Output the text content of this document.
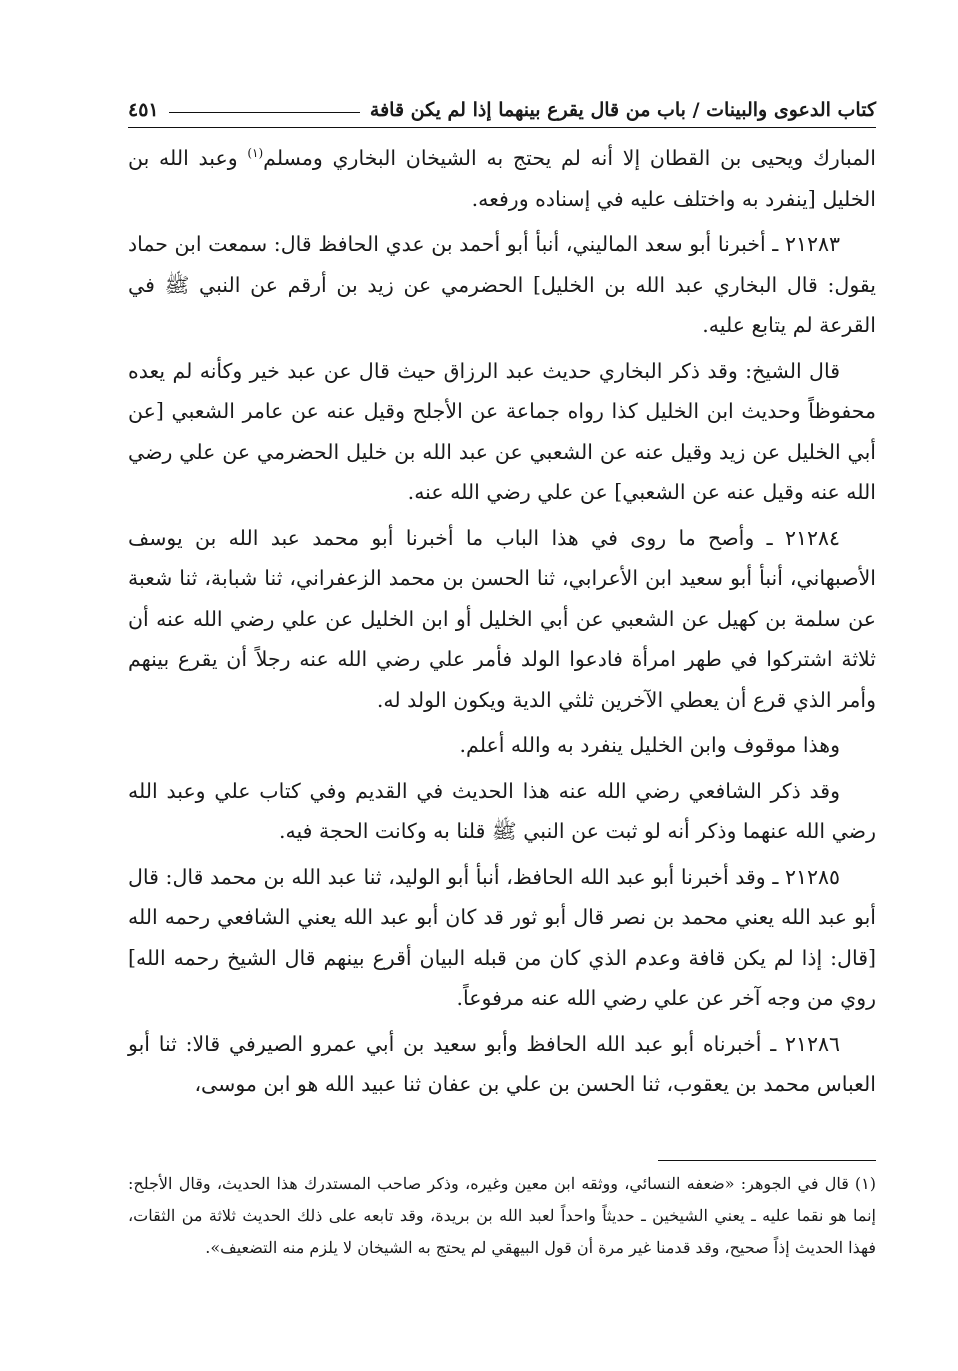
كتاب الدعوى والبينات / باب من قال يقرع بينهما إذا لم يكن قافة
٤٥١

المبارك ويحيى بن القطان إلا أنه لم يحتج به الشيخان البخاري ومسلم$^{(١)}$ وعبد الله بن الخليل [ينفرد به واختلف عليه في إسناده ورفعه.

٢١٢٨٣ ـ أخبرنا أبو سعد الماليني، أنبأ أبو أحمد بن عدي الحافظ قال: سمعت ابن حماد يقول: قال البخاري عبد الله بن الخليل] الحضرمي عن زيد بن أرقم عن النبي ﷺ في القرعة لم يتابع عليه.

قال الشيخ: وقد ذكر البخاري حديث عبد الرزاق حيث قال عن عبد خير وكأنه لم يعده محفوظاً وحديث ابن الخليل كذا رواه جماعة عن الأجلح وقيل عنه عن عامر الشعبي [عن أبي الخليل عن زيد وقيل عنه عن الشعبي عن عبد الله بن خليل الحضرمي عن علي رضي الله عنه وقيل عنه عن الشعبي] عن علي رضي الله عنه.

٢١٢٨٤ ـ وأصح ما روى في هذا الباب ما أخبرنا أبو محمد عبد الله بن يوسف الأصبهاني، أنبأ أبو سعيد ابن الأعرابي، ثنا الحسن بن محمد الزعفراني، ثنا شبابة، ثنا شعبة عن سلمة بن كهيل عن الشعبي عن أبي الخليل أو ابن الخليل عن علي رضي الله عنه أن ثلاثة اشتركوا في طهر امرأة فادعوا الولد فأمر علي رضي الله عنه رجلاً أن يقرع بينهم وأمر الذي قرع أن يعطي الآخرين ثلثي الدية ويكون الولد له.

وهذا موقوف وابن الخليل ينفرد به والله أعلم.

وقد ذكر الشافعي رضي الله عنه هذا الحديث في القديم وفي كتاب علي وعبد الله رضي الله عنهما وذكر أنه لو ثبت عن النبي ﷺ قلنا به وكانت الحجة فيه.

٢١٢٨٥ ـ وقد أخبرنا أبو عبد الله الحافظ، أنبأ أبو الوليد، ثنا عبد الله بن محمد قال: قال أبو عبد الله يعني محمد بن نصر قال أبو ثور قد كان أبو عبد الله يعني الشافعي رحمه الله [قال: إذا لم يكن قافة وعدم الذي كان من قبله البيان أقرع بينهم قال الشيخ رحمه الله] روي من وجه آخر عن علي رضي الله عنه مرفوعاً.

٢١٢٨٦ ـ أخبرناه أبو عبد الله الحافظ وأبو سعيد بن أبي عمرو الصيرفي قالا: ثنا أبو العباس محمد بن يعقوب، ثنا الحسن بن علي بن عفان ثنا عبيد الله هو ابن موسى،

(١)قال في الجوهر: «ضعفه النسائي، ووثقه ابن معين وغيره، وذكر صاحب المستدرك هذا الحديث، وقال الأجلح: إنما هو نقما عليه ـ يعني الشيخين ـ حديثاً واحداً لعبد الله بن بريدة، وقد تابعه على ذلك الحديث ثلاثة من الثقات، فهذا الحديث إذاً صحيح، وقد قدمنا غير مرة أن قول البيهقي لم يحتج به الشيخان لا يلزم منه التضعيف».
